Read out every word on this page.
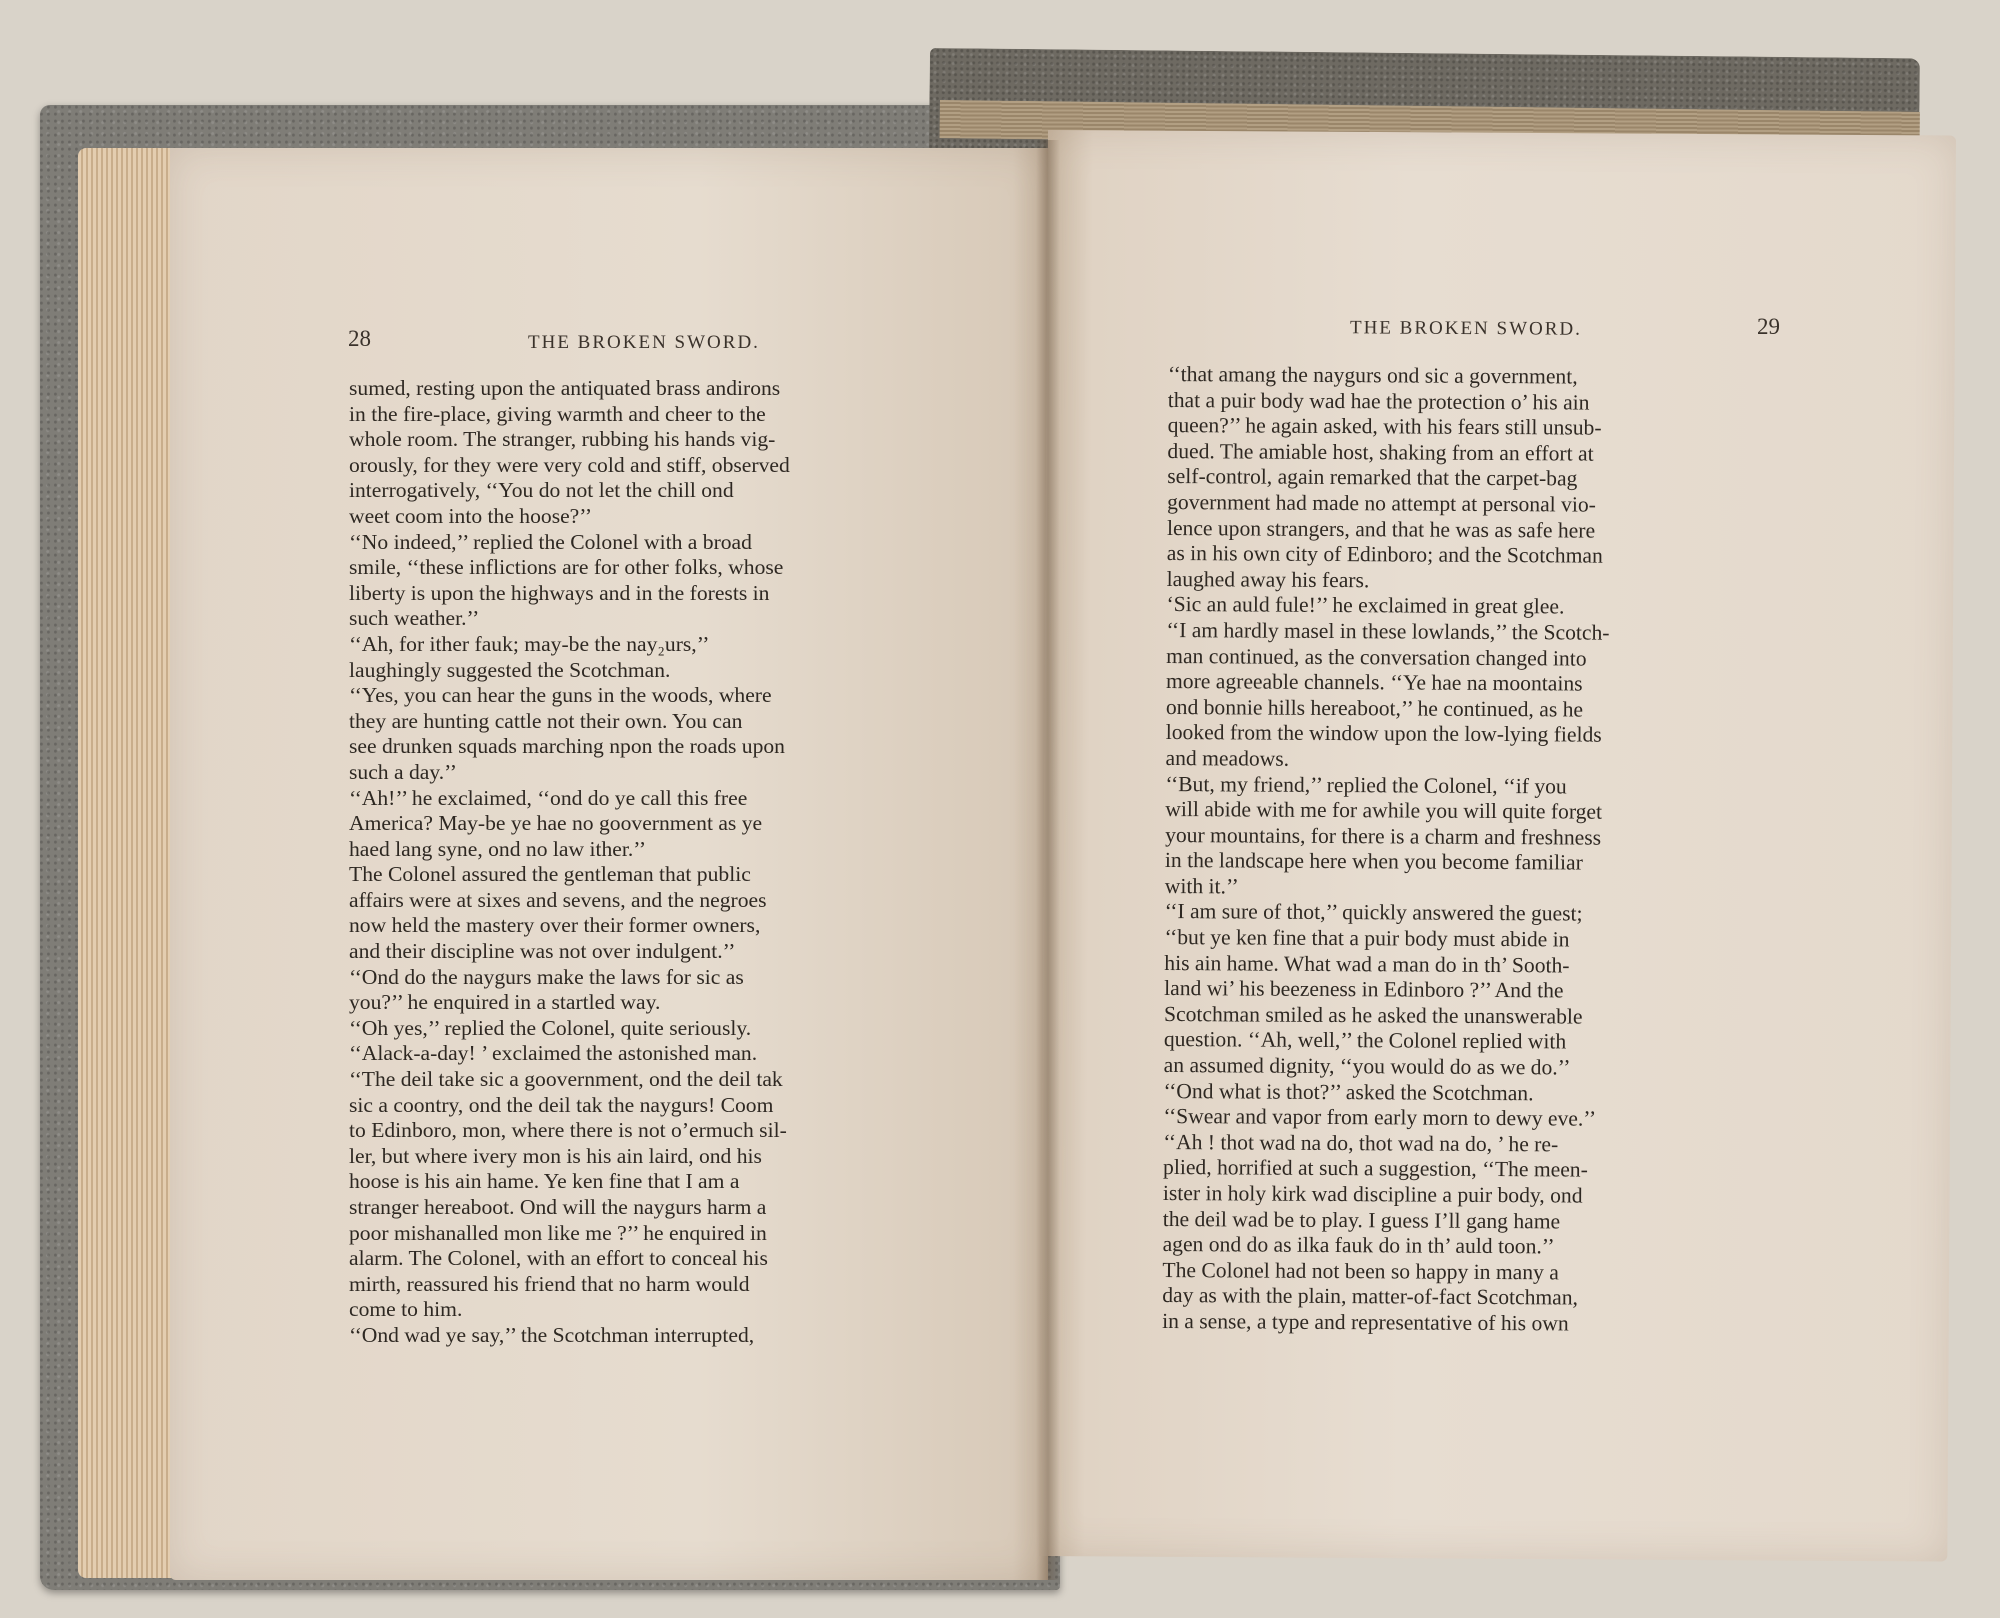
28	THE BROKEN SWORD.
THE BROKEN SWORD.	29
sumed, resting upon the antiquated brass andirons
in the fire-place, giving warmth and cheer to the
whole room. The stranger, rubbing his hands vig-
orously, for they were very cold and stiff, observed
interrogatively, ‘‘You do not let the chill ond
weet coom into the hoose?’’
‘‘No indeed,’’ replied the Colonel with a broad
smile, ‘‘these inflictions are for other folks, whose
liberty is upon the highways and in the forests in
such weather.’’
‘‘Ah, for ither fauk; may-be the nay₂urs,’’
laughingly suggested the Scotchman.
‘‘Yes, you can hear the guns in the woods, where
they are hunting cattle not their own. You can
see drunken squads marching npon the roads upon
such a day.’’
‘‘Ah!’’ he exclaimed, ‘‘ond do ye call this free
America? May-be ye hae no goovernment as ye
haed lang syne, ond no law ither.’’
The Colonel assured the gentleman that public
affairs were at sixes and sevens, and the negroes
now held the mastery over their former owners,
and their discipline was not over indulgent.’’
‘‘Ond do the naygurs make the laws for sic as
you?’’ he enquired in a startled way.
‘‘Oh yes,’’ replied the Colonel, quite seriously.
‘‘Alack-a-day! ’ exclaimed the astonished man.
‘‘The deil take sic a goovernment, ond the deil tak
sic a coontry, ond the deil tak the naygurs! Coom
to Edinboro, mon, where there is not o’ermuch sil-
ler, but where ivery mon is his ain laird, ond his
hoose is his ain hame. Ye ken fine that I am a
stranger hereaboot. Ond will the naygurs harm a
poor mishanalled mon like me ?’’ he enquired in
alarm. The Colonel, with an effort to conceal his
mirth, reassured his friend that no harm would
come to him.
‘‘Ond wad ye say,’’ the Scotchman interrupted,
‘‘that amang the naygurs ond sic a government,
that a puir body wad hae the protection o’ his ain
queen?’’ he again asked, with his fears still unsub-
dued. The amiable host, shaking from an effort at
self-control, again remarked that the carpet-bag
government had made no attempt at personal vio-
lence upon strangers, and that he was as safe here
as in his own city of Edinboro; and the Scotchman
laughed away his fears.
‘Sic an auld fule!’’ he exclaimed in great glee.
‘‘I am hardly masel in these lowlands,’’ the Scotch-
man continued, as the conversation changed into
more agreeable channels. ‘‘Ye hae na moontains
ond bonnie hills hereaboot,’’ he continued, as he
looked from the window upon the low-lying fields
and meadows.
‘‘But, my friend,’’ replied the Colonel, ‘‘if you
will abide with me for awhile you will quite forget
your mountains, for there is a charm and freshness
in the landscape here when you become familiar
with it.’’
‘‘I am sure of thot,’’ quickly answered the guest;
‘‘but ye ken fine that a puir body must abide in
his ain hame. What wad a man do in th’ Sooth-
land wi’ his beezeness in Edinboro ?’’ And the
Scotchman smiled as he asked the unanswerable
question. ‘‘Ah, well,’’ the Colonel replied with
an assumed dignity, ‘‘you would do as we do.’’
‘‘Ond what is thot?’’ asked the Scotchman.
‘‘Swear and vapor from early morn to dewy eve.’’
‘‘Ah ! thot wad na do, thot wad na do, ’ he re-
plied, horrified at such a suggestion, ‘‘The meen-
ister in holy kirk wad discipline a puir body, ond
the deil wad be to play. I guess I’ll gang hame
agen ond do as ilka fauk do in th’ auld toon.’’
The Colonel had not been so happy in many a
day as with the plain, matter-of-fact Scotchman,
in a sense, a type and representative of his own
